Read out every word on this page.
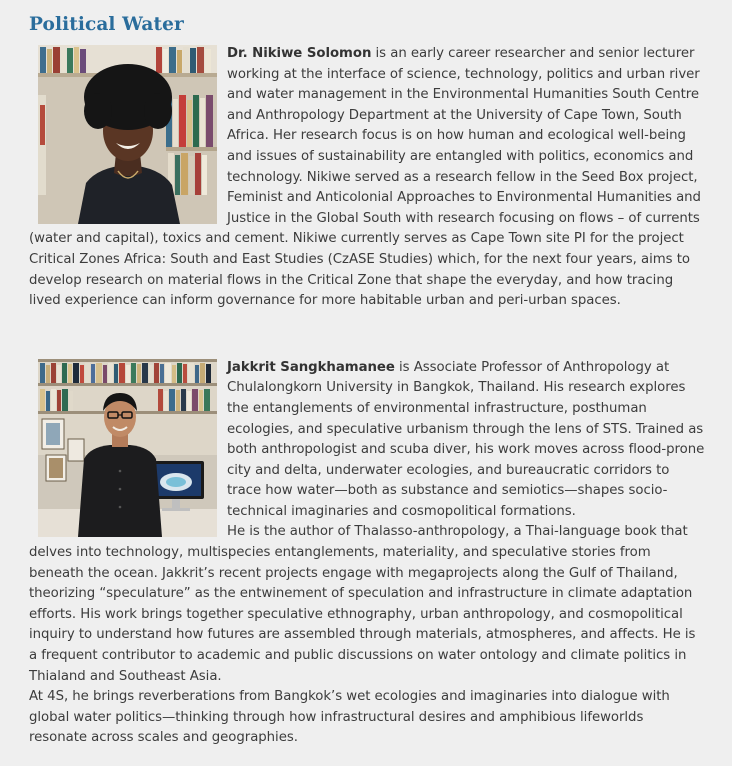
Political Water

Dr. Nikiwe Solomon is an early career researcher and senior lecturer working at the interface of science, technology, politics and urban river and water management in the Environmental Humanities South Centre and Anthropology Department at the University of Cape Town, South Africa. Her research focus is on how human and ecological well-being and issues of sustainability are entangled with politics, economics and technology. Nikiwe served as a research fellow in the Seed Box project, Feminist and Anticolonial Approaches to Environmental Humanities and Justice in the Global South with research focusing on flows – of currents (water and capital), toxics and cement. Nikiwe currently serves as Cape Town site PI for the project Critical Zones Africa: South and East Studies (CzASE Studies) which, for the next four years, aims to develop research on material flows in the Critical Zone that shape the everyday, and how tracing lived experience can inform governance for more habitable urban and peri-urban spaces.

Jakkrit Sangkhamanee is Associate Professor of Anthropology at Chulalongkorn University in Bangkok, Thailand. His research explores the entanglements of environmental infrastructure, posthuman ecologies, and speculative urbanism through the lens of STS. Trained as both anthropologist and scuba diver, his work moves across flood-prone city and delta, underwater ecologies, and bureaucratic corridors to trace how water—both as substance and semiotics—shapes socio-technical imaginaries and cosmopolitical formations.

He is the author of Thalasso-anthropology, a Thai-language book that delves into technology, multispecies entanglements, materiality, and speculative stories from beneath the ocean. Jakkrit’s recent projects engage with megaprojects along the Gulf of Thailand, theorizing “speculature” as the entwinement of speculation and infrastructure in climate adaptation efforts. His work brings together speculative ethnography, urban anthropology, and cosmopolitical inquiry to understand how futures are assembled through materials, atmospheres, and affects. He is a frequent contributor to academic and public discussions on water ontology and climate politics in Thialand and Southeast Asia.

At 4S, he brings reverberations from Bangkok’s wet ecologies and imaginaries into dialogue with global water politics—thinking through how infrastructural desires and amphibious lifeworlds resonate across scales and geographies.
